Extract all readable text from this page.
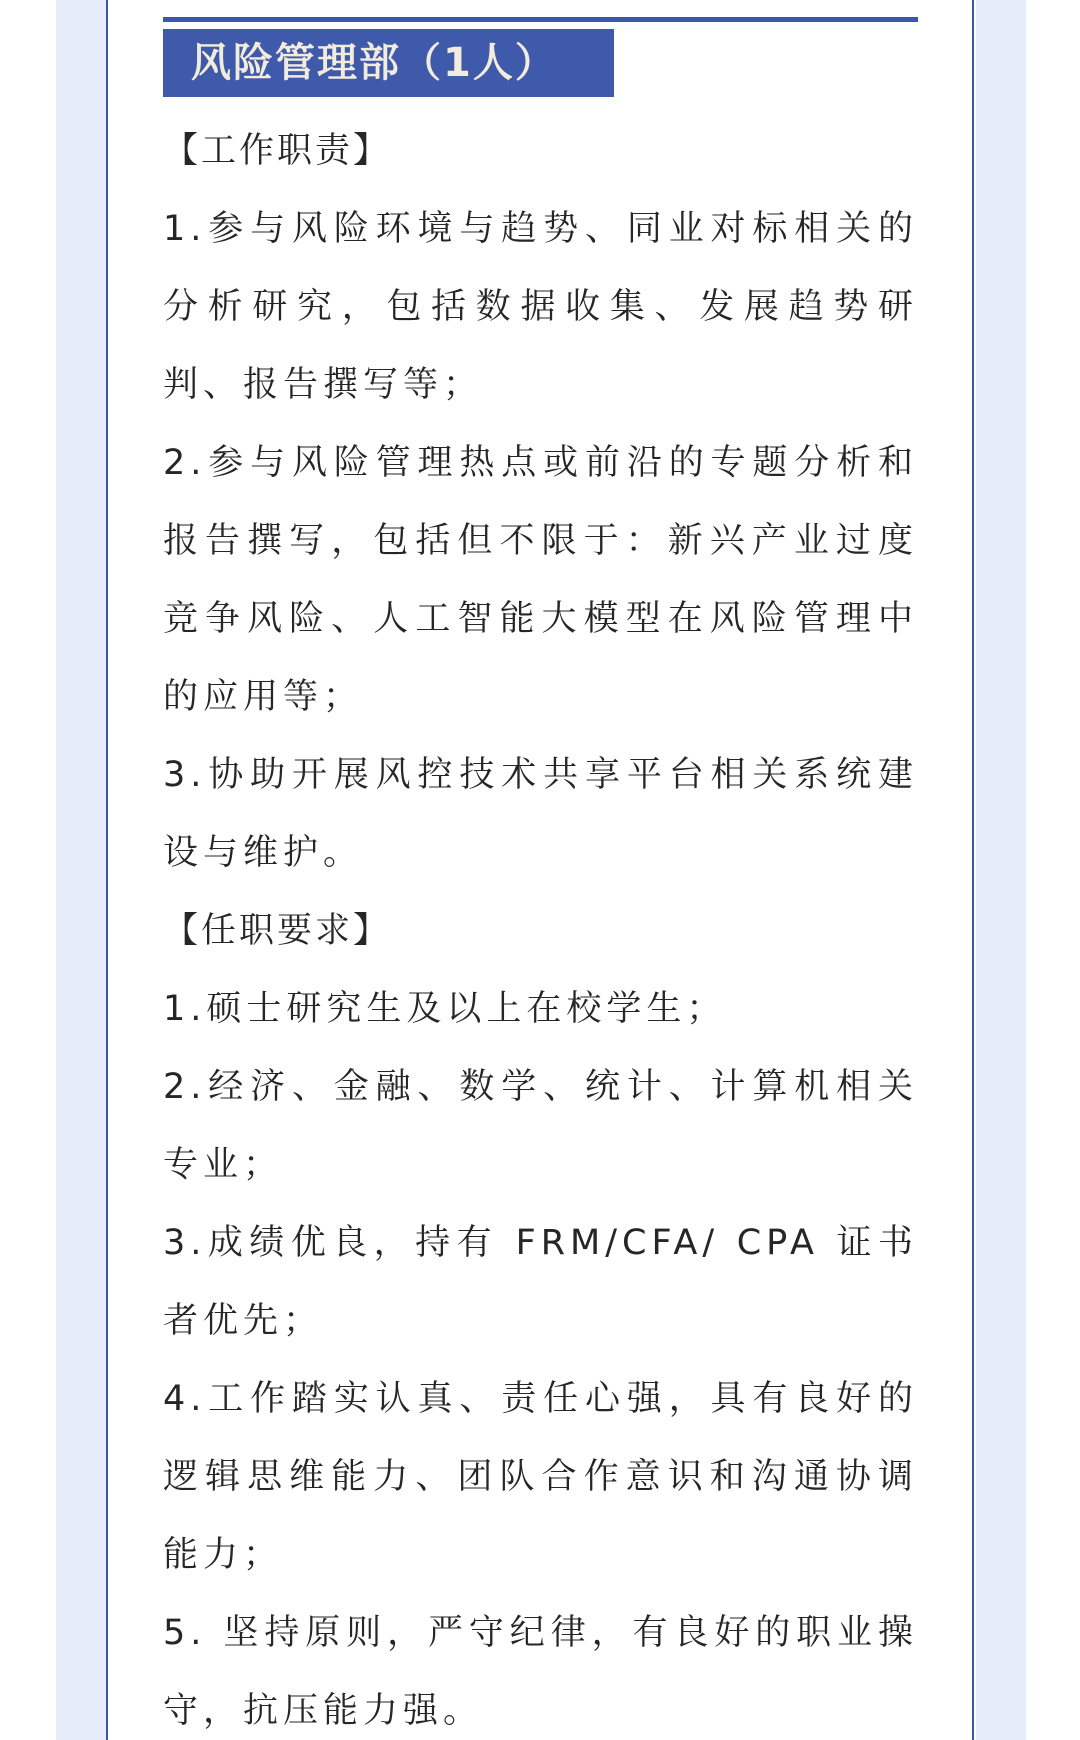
风险管理部（1人）

【工作职责】

1.参与风险环境与趋势、同业对标相关的分析研究，包括数据收集、发展趋势研判、报告撰写等；

2.参与风险管理热点或前沿的专题分析和报告撰写，包括但不限于：新兴产业过度竞争风险、人工智能大模型在风险管理中的应用等；

3.协助开展风控技术共享平台相关系统建设与维护。

【任职要求】

1.硕士研究生及以上在校学生；

2.经济、金融、数学、统计、计算机相关专业；

3.成绩优良，持有 FRM/CFA/ CPA 证书者优先；

4.工作踏实认真、责任心强，具有良好的逻辑思维能力、团队合作意识和沟通协调能力；

5. 坚持原则，严守纪律，有良好的职业操守，抗压能力强。
